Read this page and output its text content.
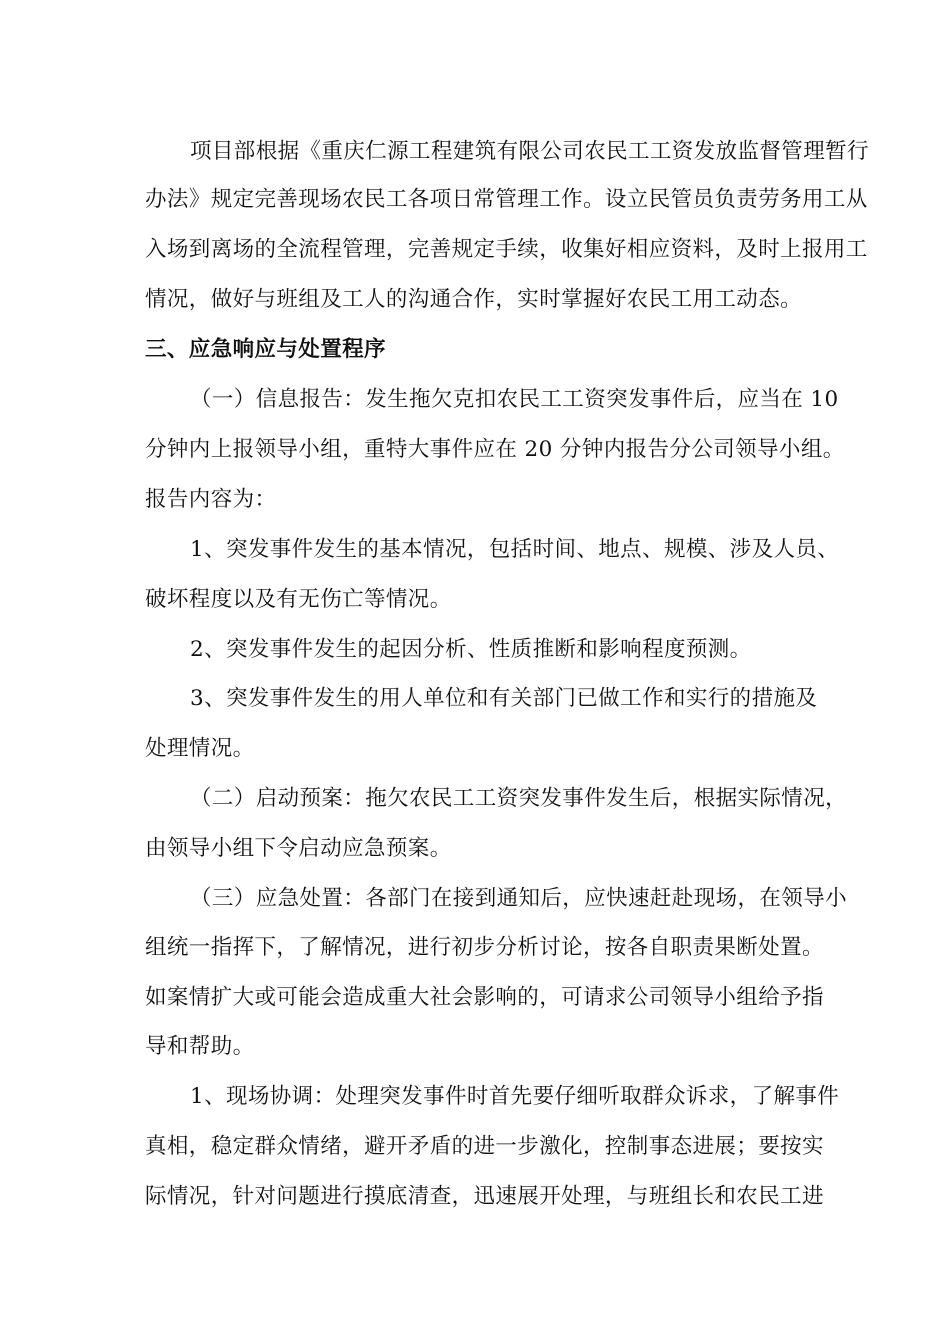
项目部根据《重庆仁源工程建筑有限公司农民工工资发放监督管理暂行
办法》规定完善现场农民工各项日常管理工作。设立民管员负责劳务用工从
入场到离场的全流程管理，完善规定手续，收集好相应资料，及时上报用工
情况，做好与班组及工人的沟通合作，实时掌握好农民工用工动态。
三、应急响应与处置程序
（一）信息报告：发生拖欠克扣农民工工资突发事件后，应当在 10
分钟内上报领导小组，重特大事件应在 20 分钟内报告分公司领导小组。
报告内容为：
1、突发事件发生的基本情况，包括时间、地点、规模、涉及人员、
破坏程度以及有无伤亡等情况。
2、突发事件发生的起因分析、性质推断和影响程度预测。
3、突发事件发生的用人单位和有关部门已做工作和实行的措施及
处理情况。
（二）启动预案：拖欠农民工工资突发事件发生后，根据实际情况，
由领导小组下令启动应急预案。
（三）应急处置：各部门在接到通知后，应快速赶赴现场，在领导小
组统一指挥下，了解情况，进行初步分析讨论，按各自职责果断处置。
如案情扩大或可能会造成重大社会影响的，可请求公司领导小组给予指
导和帮助。
1、现场协调：处理突发事件时首先要仔细听取群众诉求，了解事件
真相，稳定群众情绪，避开矛盾的进一步激化，控制事态进展；要按实
际情况，针对问题进行摸底清查，迅速展开处理，与班组长和农民工进
